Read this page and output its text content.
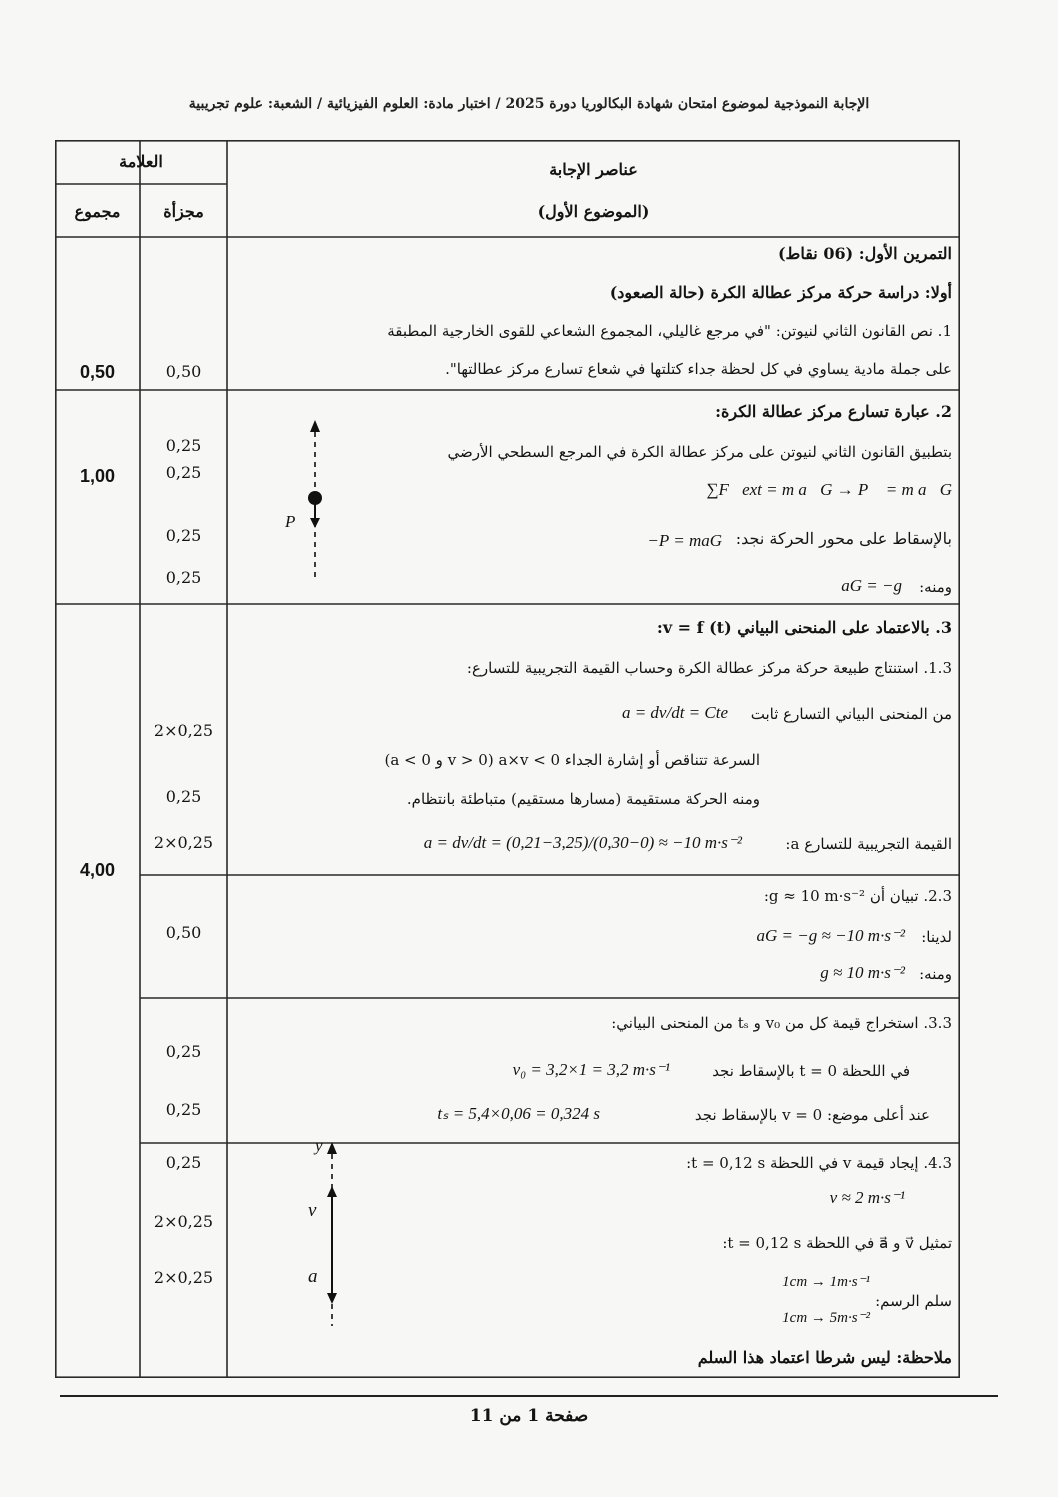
الإجابة النموذجية لموضوع امتحان شهادة البكالوريا دورة 2025 / اختبار مادة: العلوم الفيزيائية / الشعبة: علوم تجريبية
العلامة
مجموع	مجزأة
عناصر الإجابة
(الموضوع الأول)
التمرين الأول: (06 نقاط)
أولا: دراسة حركة مركز عطالة الكرة (حالة الصعود)
1. نص القانون الثاني لنيوتن: "في مرجع غاليلي، المجموع الشعاعي للقوى الخارجية المطبقة
على جملة مادية يساوي في كل لحظة جداء كتلتها في شعاع تسارع مركز عطالتها".
0,50
0,50
2. عبارة تسارع مركز عطالة الكرة:
بتطبيق القانون الثاني لنيوتن على مركز عطالة الكرة في المرجع السطحي الأرضي
∑F⃗ext = m a⃗G → P⃗ = m a⃗G
بالإسقاط على محور الحركة نجد:
−P = maG
ومنه:
aG = −g
0,25
0,25
0,25
0,25
1,00
P⃗
3. بالاعتماد على المنحنى البياني v = f (t):
1.3. استنتاج طبيعة حركة مركز عطالة الكرة وحساب القيمة التجريبية للتسارع:
من المنحنى البياني التسارع ثابت
a = dv/dt = Cte
السرعة تتناقص أو إشارة الجداء a×v < 0 (v > 0 و a < 0)
ومنه الحركة مستقيمة (مسارها مستقيم) متباطئة بانتظام.
القيمة التجريبية للتسارع a:
a = dv/dt = (0,21−3,25)/(0,30−0) ≈ −10 m·s⁻²
2×0,25
0,25
2×0,25
4,00
2.3. تبيان أن g ≈ 10 m·s⁻²:
لدينا:
aG = −g ≈ −10 m·s⁻²
ومنه:
g ≈ 10 m·s⁻²
0,50
3.3. استخراج قيمة كل من v₀ و tₛ من المنحنى البياني:
في اللحظة t = 0 بالإسقاط نجد
v₀ = 3,2×1 = 3,2 m·s⁻¹
عند أعلى موضع: v = 0 بالإسقاط نجد
tₛ = 5,4×0,06 = 0,324 s
0,25
0,25
4.3. إيجاد قيمة v في اللحظة t = 0,12 s:
v ≈ 2 m·s⁻¹
تمثيل v⃗ و a⃗ في اللحظة t = 0,12 s:
سلم الرسم:
1cm → 1m·s⁻¹
1cm → 5m·s⁻²
ملاحظة: ليس شرطا اعتماد هذا السلم
0,25
2×0,25
2×0,25
y
v⃗
a⃗
صفحة 1 من 11
